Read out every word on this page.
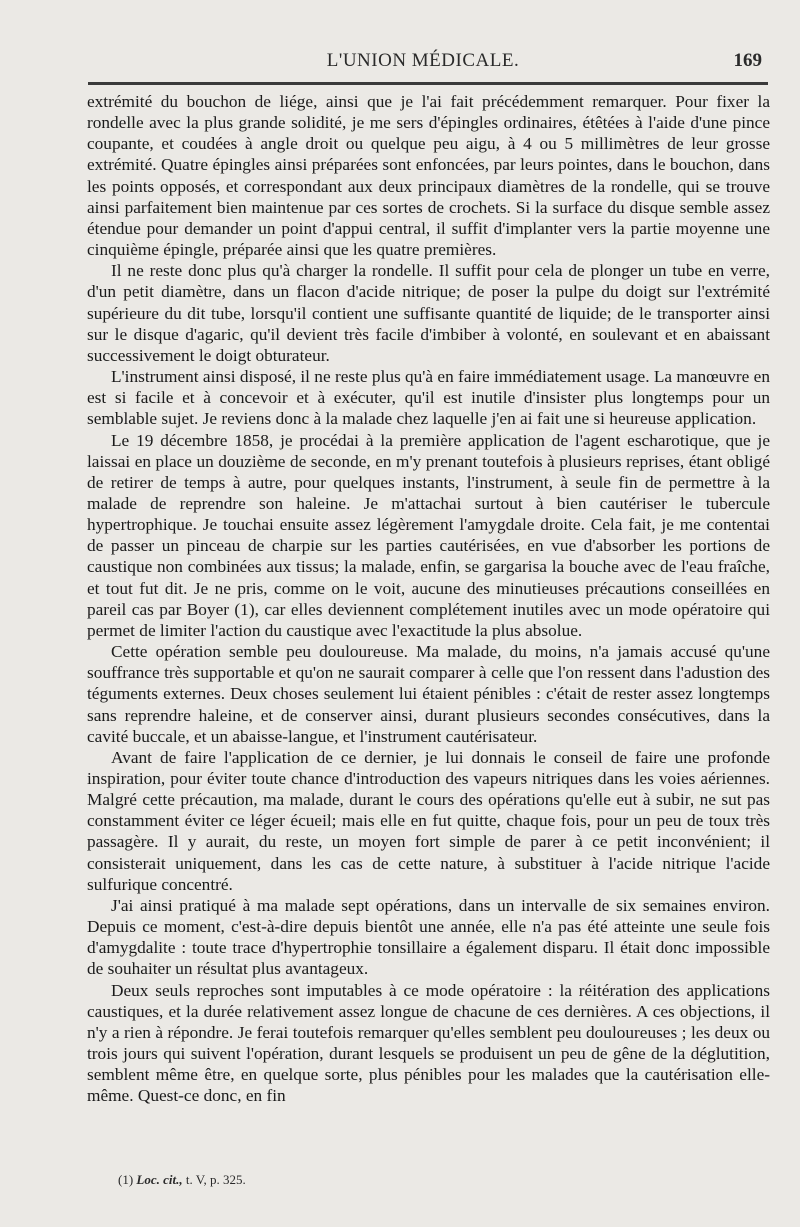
L'UNION MÉDICALE.	169

extrémité du bouchon de liége, ainsi que je l'ai fait précédemment remarquer. Pour fixer la rondelle avec la plus grande solidité, je me sers d'épingles ordinaires, étêtées à l'aide d'une pince coupante, et coudées à angle droit ou quelque peu aigu, à 4 ou 5 millimètres de leur grosse extrémité. Quatre épingles ainsi préparées sont enfoncées, par leurs pointes, dans le bouchon, dans les points opposés, et correspondant aux deux principaux diamètres de la rondelle, qui se trouve ainsi parfaitement bien maintenue par ces sortes de crochets. Si la surface du disque semble assez étendue pour demander un point d'appui central, il suffit d'implanter vers la partie moyenne une cinquième épingle, préparée ainsi que les quatre premières.

Il ne reste donc plus qu'à charger la rondelle. Il suffit pour cela de plonger un tube en verre, d'un petit diamètre, dans un flacon d'acide nitrique; de poser la pulpe du doigt sur l'extrémité supérieure du dit tube, lorsqu'il contient une suffisante quantité de liquide; de le transporter ainsi sur le disque d'agaric, qu'il devient très facile d'imbiber à volonté, en soulevant et en abaissant successivement le doigt obturateur.

L'instrument ainsi disposé, il ne reste plus qu'à en faire immédiatement usage. La manœuvre en est si facile et à concevoir et à exécuter, qu'il est inutile d'insister plus longtemps pour un semblable sujet. Je reviens donc à la malade chez laquelle j'en ai fait une si heureuse application.

Le 19 décembre 1858, je procédai à la première application de l'agent escharotique, que je laissai en place un douzième de seconde, en m'y prenant toutefois à plusieurs reprises, étant obligé de retirer de temps à autre, pour quelques instants, l'instrument, à seule fin de permettre à la malade de reprendre son haleine. Je m'attachai surtout à bien cautériser le tubercule hypertrophique. Je touchai ensuite assez légèrement l'amygdale droite. Cela fait, je me contentai de passer un pinceau de charpie sur les parties cautérisées, en vue d'absorber les portions de caustique non combinées aux tissus; la malade, enfin, se gargarisa la bouche avec de l'eau fraîche, et tout fut dit. Je ne pris, comme on le voit, aucune des minutieuses précautions conseillées en pareil cas par Boyer (1), car elles deviennent complétement inutiles avec un mode opératoire qui permet de limiter l'action du caustique avec l'exactitude la plus absolue.

Cette opération semble peu douloureuse. Ma malade, du moins, n'a jamais accusé qu'une souffrance très supportable et qu'on ne saurait comparer à celle que l'on ressent dans l'adustion des téguments externes. Deux choses seulement lui étaient pénibles : c'était de rester assez longtemps sans reprendre haleine, et de conserver ainsi, durant plusieurs secondes consécutives, dans la cavité buccale, et un abaisse-langue, et l'instrument cautérisateur.

Avant de faire l'application de ce dernier, je lui donnais le conseil de faire une profonde inspiration, pour éviter toute chance d'introduction des vapeurs nitriques dans les voies aériennes. Malgré cette précaution, ma malade, durant le cours des opérations qu'elle eut à subir, ne sut pas constamment éviter ce léger écueil; mais elle en fut quitte, chaque fois, pour un peu de toux très passagère. Il y aurait, du reste, un moyen fort simple de parer à ce petit inconvénient; il consisterait uniquement, dans les cas de cette nature, à substituer à l'acide nitrique l'acide sulfurique concentré.

J'ai ainsi pratiqué à ma malade sept opérations, dans un intervalle de six semaines environ. Depuis ce moment, c'est-à-dire depuis bientôt une année, elle n'a pas été atteinte une seule fois d'amygdalite : toute trace d'hypertrophie tonsillaire a également disparu. Il était donc impossible de souhaiter un résultat plus avantageux.

Deux seuls reproches sont imputables à ce mode opératoire : la réitération des applications caustiques, et la durée relativement assez longue de chacune de ces dernières. A ces objections, il n'y a rien à répondre. Je ferai toutefois remarquer qu'elles semblent peu douloureuses ; les deux ou trois jours qui suivent l'opération, durant lesquels se produisent un peu de gêne de la déglutition, semblent même être, en quelque sorte, plus pénibles pour les malades que la cautérisation elle-même. Quest-ce donc, en fin

(1) Loc. cit., t. V, p. 325.
